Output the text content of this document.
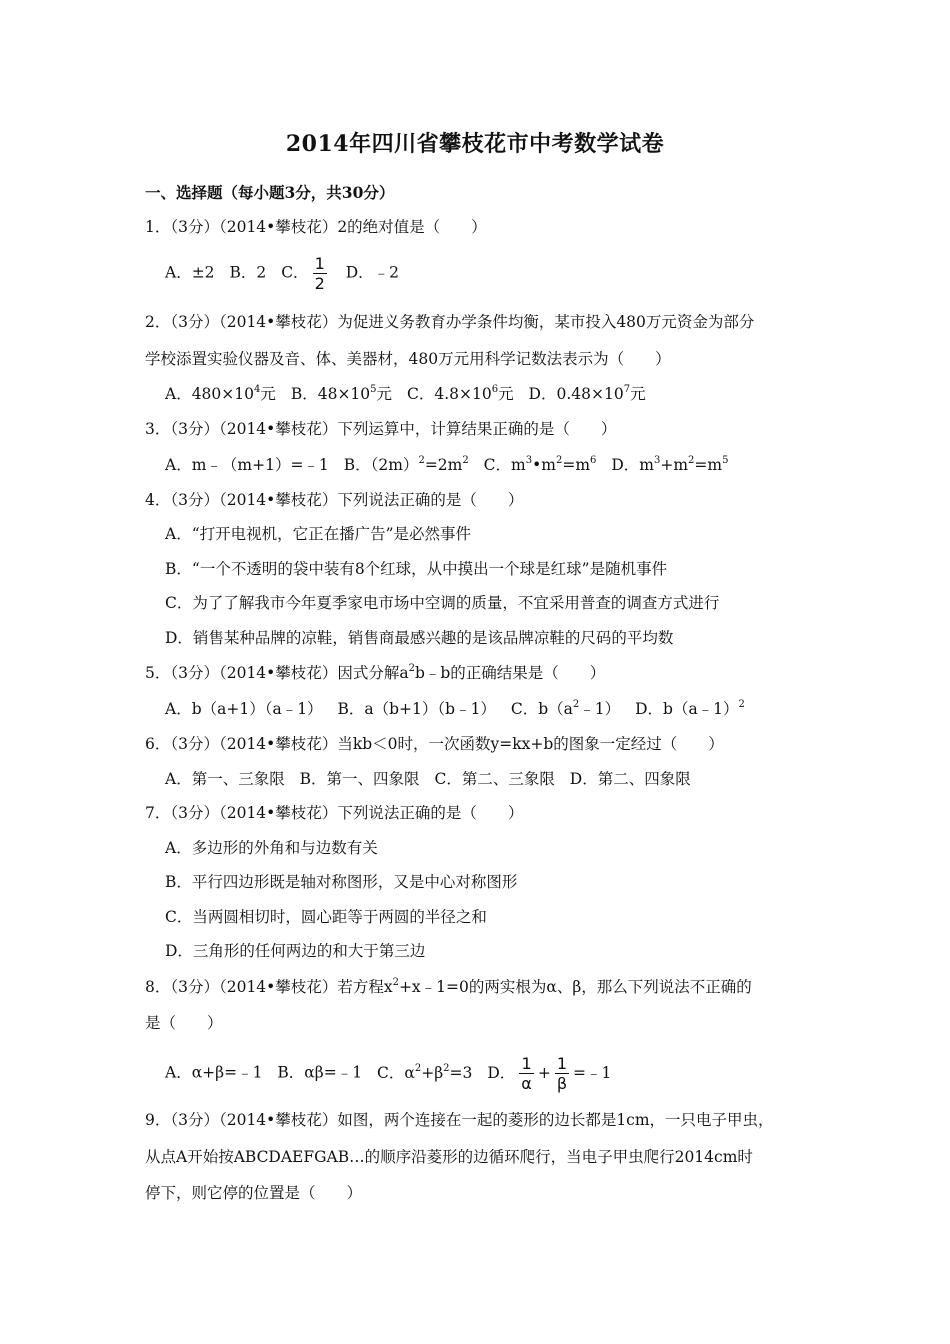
2014年四川省攀枝花市中考数学试卷
一、选择题（每小题3分，共30分）
1．（3分）（2014•攀枝花）2的绝对值是（　　）
A．±2 B．2 C． $\frac{1}{2}$ D．﹣2
2．（3分）（2014•攀枝花）为促进义务教育办学条件均衡，某市投入480万元资金为部分
学校添置实验仪器及音、体、美器材，480万元用科学记数法表示为（　　）
A．$480\times 10^4$元 B．$48\times 10^5$元 C．$4.8\times 10^6$元 D．$0.48\times 10^7$元
3．（3分）（2014•攀枝花）下列运算中，计算结果正确的是（　　）
A．m﹣（m+1）=﹣1 B．$(2m)^2=2m^2$ C．$m^3•m^2=m^6$ D．$m^3+m^2=m^5$
4．（3分）（2014•攀枝花）下列说法正确的是（　　）
A．“打开电视机，它正在播广告”是必然事件
B．“一个不透明的袋中装有8个红球，从中摸出一个球是红球”是随机事件
C．为了了解我市今年夏季家电市场中空调的质量，不宜采用普查的调查方式进行
D．销售某种品牌的凉鞋，销售商最感兴趣的是该品牌凉鞋的尺码的平均数
5．（3分）（2014•攀枝花）因式分解$a^2b﹣b$的正确结果是（　　）
A．b（a+1）（a﹣1） B．a（b+1）（b﹣1） C．$b(a^2﹣1)$ D．b（a﹣1）$^2$
6．（3分）（2014•攀枝花）当kb＜0时，一次函数y=kx+b的图象一定经过（　　）
A．第一、三象限 B．第一、四象限 C．第二、三象限 D．第二、四象限
7．（3分）（2014•攀枝花）下列说法正确的是（　　）
A．多边形的外角和与边数有关
B．平行四边形既是轴对称图形，又是中心对称图形
C．当两圆相切时，圆心距等于两圆的半径之和
D．三角形的任何两边的和大于第三边
8．（3分）（2014•攀枝花）若方程$x^2+x﹣1=0$的两实根为α、β，那么下列说法不正确的
是（　　）
A．α+β=﹣1 B．αβ=﹣1 C．$\alpha^2+\beta^2=3$ D． $\frac{1}{\alpha} + \frac{1}{\beta}$ =﹣1
9．（3分）（2014•攀枝花）如图，两个连接在一起的菱形的边长都是1cm，一只电子甲虫，
从点A开始按ABCDAEFGAB…的顺序沿菱形的边循环爬行，当电子甲虫爬行2014cm时
停下，则它停的位置是（　　）
